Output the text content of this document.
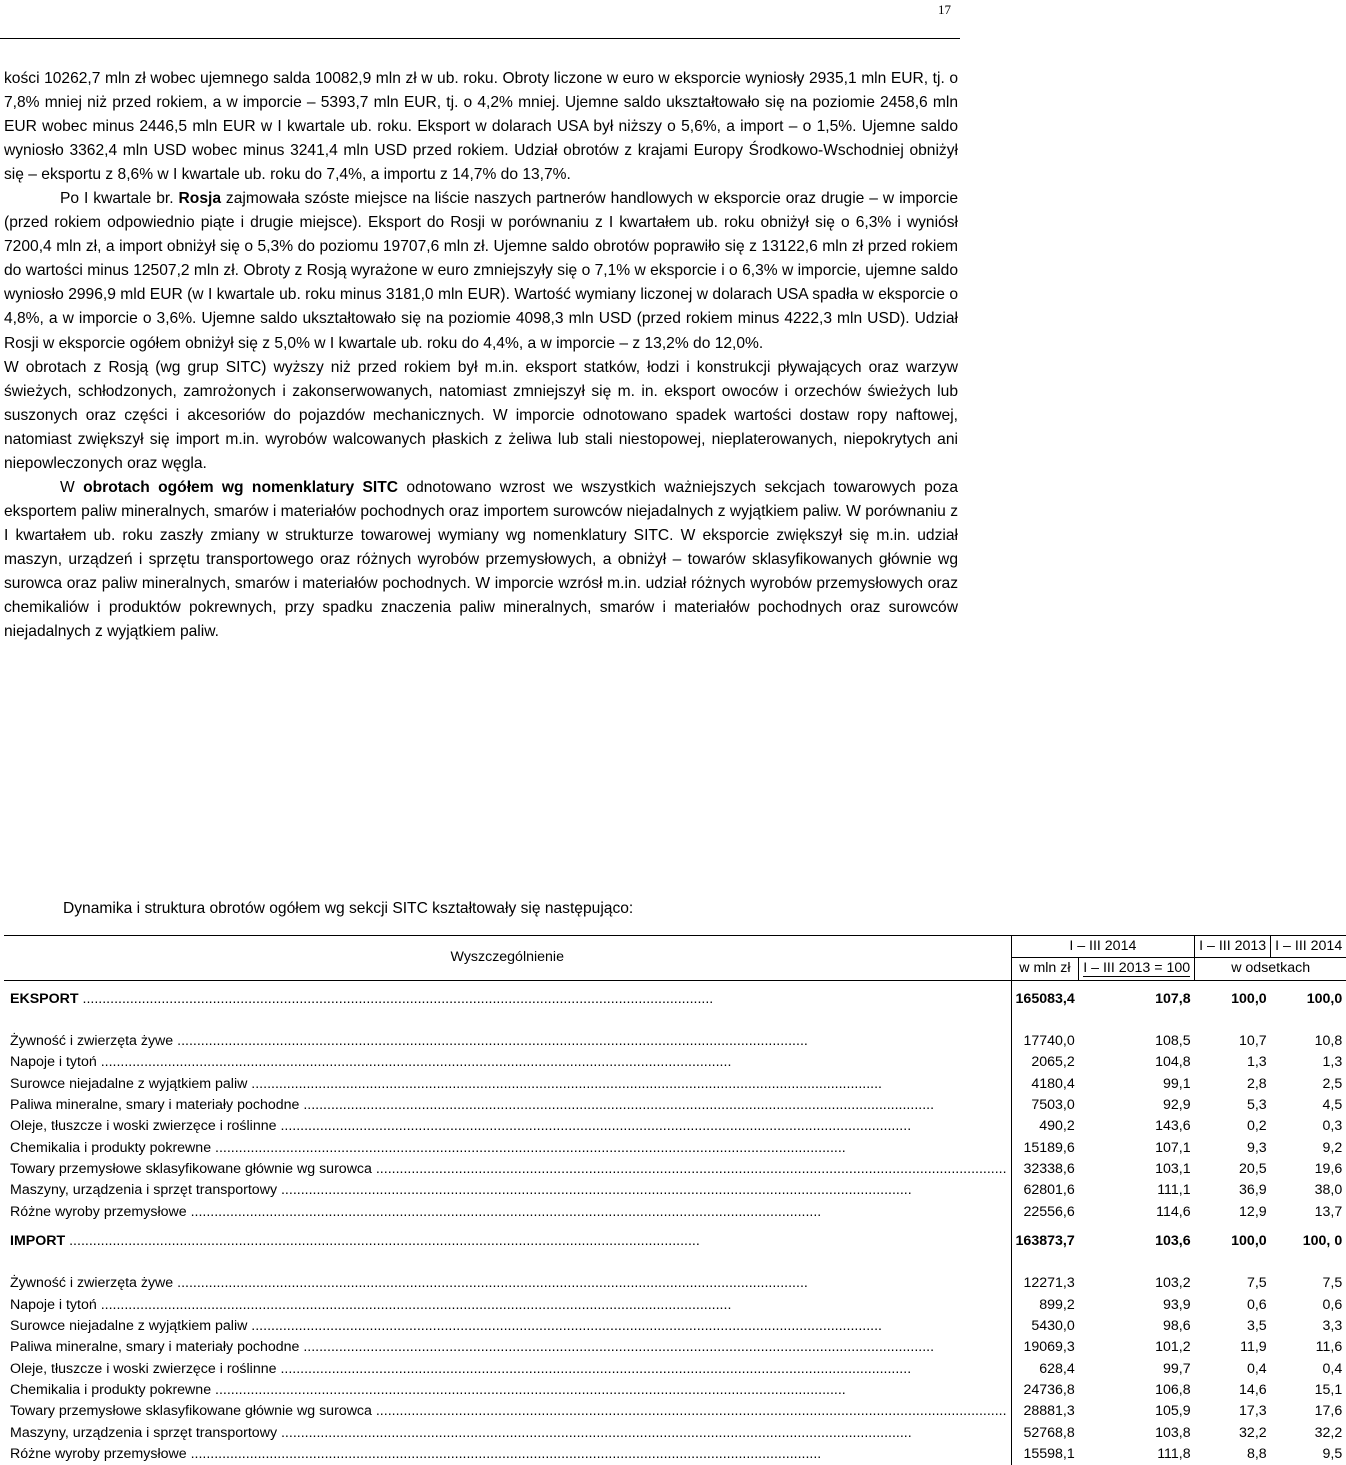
17

kości 10262,7 mln zł wobec ujemnego salda 10082,9 mln zł w ub. roku. Obroty liczone w euro w eksporcie wyniosły 2935,1 mln EUR, tj. o 7,8% mniej niż przed rokiem, a w imporcie – 5393,7 mln EUR, tj. o 4,2% mniej. Ujemne saldo ukształtowało się na poziomie 2458,6 mln EUR wobec minus 2446,5 mln EUR w I kwartale ub. roku. Eksport w dolarach USA był niższy o 5,6%, a import – o 1,5%. Ujemne saldo wyniosło 3362,4 mln USD wobec minus 3241,4 mln USD przed rokiem. Udział obrotów z krajami Europy Środkowo-Wschodniej obniżył się – eksportu z 8,6% w I kwartale ub. roku do 7,4%, a importu z 14,7% do 13,7%.

Po I kwartale br. Rosja zajmowała szóste miejsce na liście naszych partnerów handlowych w eksporcie oraz drugie – w imporcie (przed rokiem odpowiednio piąte i drugie miejsce). Eksport do Rosji w porównaniu z I kwartałem ub. roku obniżył się o 6,3% i wyniósł 7200,4 mln zł, a import obniżył się o 5,3% do poziomu 19707,6 mln zł. Ujemne saldo obrotów poprawiło się z 13122,6 mln zł przed rokiem do wartości minus 12507,2 mln zł. Obroty z Rosją wyrażone w euro zmniejszyły się o 7,1% w eksporcie i o 6,3% w imporcie, ujemne saldo wyniosło 2996,9 mld EUR (w I kwartale ub. roku minus 3181,0 mln EUR). Wartość wymiany liczonej w dolarach USA spadła w eksporcie o 4,8%, a w imporcie o 3,6%. Ujemne saldo ukształtowało się na poziomie 4098,3 mln USD (przed rokiem minus 4222,3 mln USD). Udział Rosji w eksporcie ogółem obniżył się z 5,0% w I kwartale ub. roku do 4,4%, a w imporcie – z 13,2% do 12,0%.

W obrotach z Rosją (wg grup SITC) wyższy niż przed rokiem był m.in. eksport statków, łodzi i konstrukcji pływających oraz warzyw świeżych, schłodzonych, zamrożonych i zakonserwowanych, natomiast zmniejszył się m. in. eksport owoców i orzechów świeżych lub suszonych oraz części i akcesoriów do pojazdów mechanicznych. W imporcie odnotowano spadek wartości dostaw ropy naftowej, natomiast zwiększył się import m.in. wyrobów walcowanych płaskich z żeliwa lub stali niestopowej, nieplaterowanych, niepokrytych ani niepowleczonych oraz węgla.

W obrotach ogółem wg nomenklatury SITC odnotowano wzrost we wszystkich ważniejszych sekcjach towarowych poza eksportem paliw mineralnych, smarów i materiałów pochodnych oraz importem surowców niejadalnych z wyjątkiem paliw. W porównaniu z I kwartałem ub. roku zaszły zmiany w strukturze towarowej wymiany wg nomenklatury SITC. W eksporcie zwiększył się m.in. udział maszyn, urządzeń i sprzętu transportowego oraz różnych wyrobów przemysłowych, a obniżył – towarów sklasyfikowanych głównie wg surowca oraz paliw mineralnych, smarów i materiałów pochodnych. W imporcie wzrósł m.in. udział różnych wyrobów przemysłowych oraz chemikaliów i produktów pokrewnych, przy spadku znaczenia paliw mineralnych, smarów i materiałów pochodnych oraz surowców niejadalnych z wyjątkiem paliw.

Dynamika i struktura obrotów ogółem wg sekcji SITC kształtowały się następująco:
Wyszczególnienie	I – III 2014		I – III 2013	I – III 2014
	w mln zł	I – III 2013 = 100	w odsetkach	

EKSPORT ................................................................................................................................................................	165083,4	107,8	100,0	100,0

Żywność i zwierzęta żywe ................................................................................................................................................................	17740,0	108,5	10,7	10,8
Napoje i tytoń ................................................................................................................................................................	2065,2	104,8	1,3	1,3
Surowce niejadalne z wyjątkiem paliw ................................................................................................................................................................	4180,4	99,1	2,8	2,5
Paliwa mineralne, smary i materiały pochodne ................................................................................................................................................................	7503,0	92,9	5,3	4,5
Oleje, tłuszcze i woski zwierzęce i roślinne ................................................................................................................................................................	490,2	143,6	0,2	0,3
Chemikalia i produkty pokrewne ................................................................................................................................................................	15189,6	107,1	9,3	9,2
Towary przemysłowe sklasyfikowane głównie wg surowca ................................................................................................................................................................	32338,6	103,1	20,5	19,6
Maszyny, urządzenia i sprzęt transportowy ................................................................................................................................................................	62801,6	111,1	36,9	38,0
Różne wyroby przemysłowe ................................................................................................................................................................	22556,6	114,6	12,9	13,7

IMPORT ................................................................................................................................................................	163873,7	103,6	100,0	100, 0

Żywność i zwierzęta żywe ................................................................................................................................................................	12271,3	103,2	7,5	7,5
Napoje i tytoń ................................................................................................................................................................	899,2	93,9	0,6	0,6
Surowce niejadalne z wyjątkiem paliw ................................................................................................................................................................	5430,0	98,6	3,5	3,3
Paliwa mineralne, smary i materiały pochodne ................................................................................................................................................................	19069,3	101,2	11,9	11,6
Oleje, tłuszcze i woski zwierzęce i roślinne ................................................................................................................................................................	628,4	99,7	0,4	0,4
Chemikalia i produkty pokrewne ................................................................................................................................................................	24736,8	106,8	14,6	15,1
Towary przemysłowe sklasyfikowane głównie wg surowca ................................................................................................................................................................	28881,3	105,9	17,3	17,6
Maszyny, urządzenia i sprzęt transportowy ................................................................................................................................................................	52768,8	103,8	32,2	32,2
Różne wyroby przemysłowe ................................................................................................................................................................	15598,1	111,8	8,8	9,5
